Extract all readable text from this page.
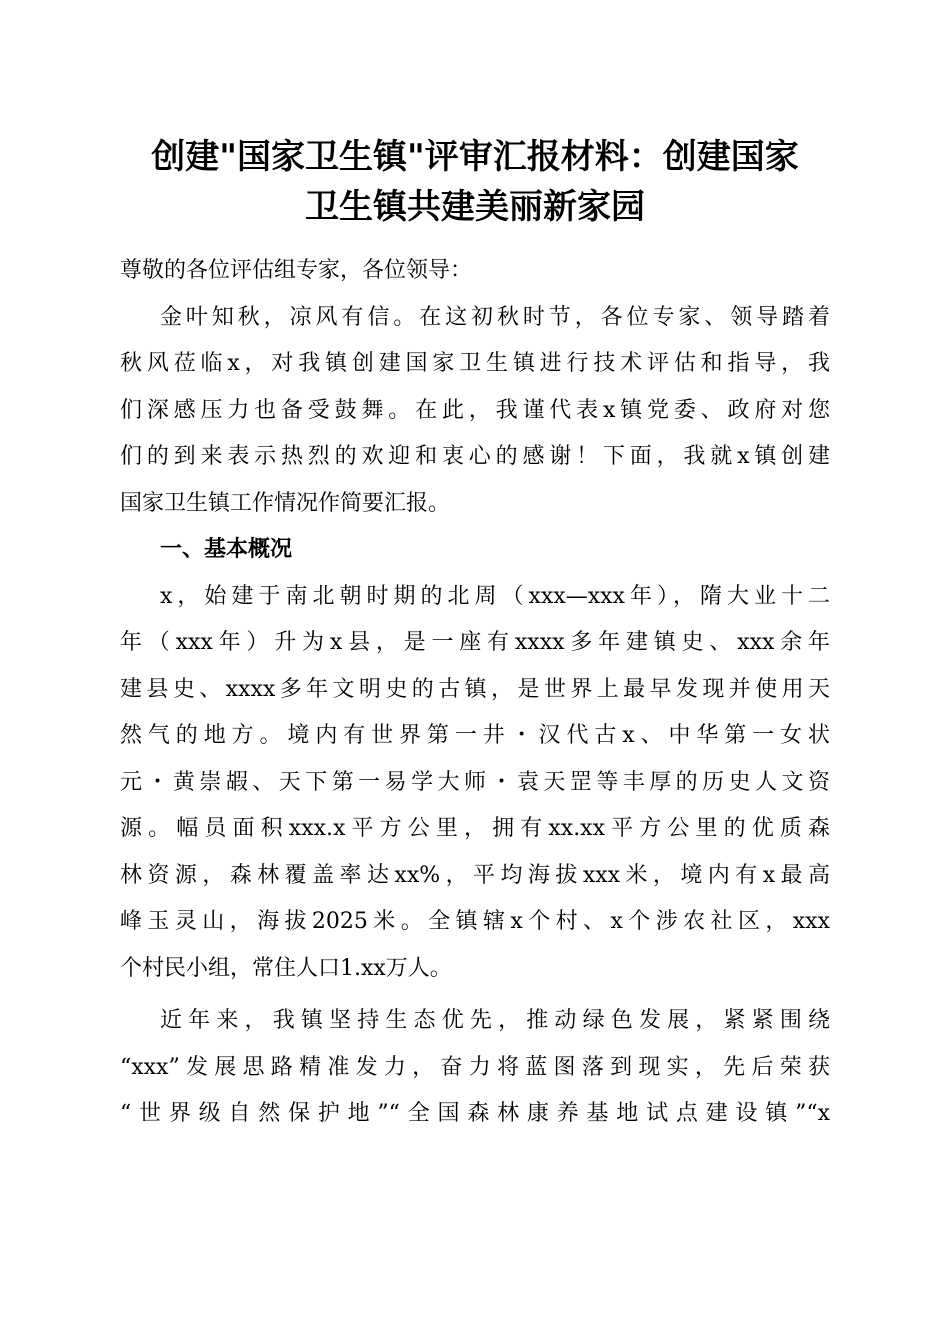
创建"国家卫生镇"评审汇报材料：创建国家
卫生镇共建美丽新家园

尊敬的各位评估组专家，各位领导：

金叶知秋，凉风有信。在这初秋时节，各位专家、领导踏着
秋风莅临x，对我镇创建国家卫生镇进行技术评估和指导，我
们深感压力也备受鼓舞。在此，我谨代表x镇党委、政府对您
们的到来表示热烈的欢迎和衷心的感谢！下面，我就x镇创建
国家卫生镇工作情况作简要汇报。
一、基本概况
x，始建于南北朝时期的北周（xxx—xxx年），隋大业十二
年（xxx年）升为x县，是一座有xxxx多年建镇史、xxx余年
建县史、xxxx多年文明史的古镇，是世界上最早发现并使用天
然气的地方。境内有世界第一井・汉代古x、中华第一女状
元・黄崇嘏、天下第一易学大师・袁天罡等丰厚的历史人文资
源。幅员面积xxx.x平方公里，拥有xx.xx平方公里的优质森
林资源，森林覆盖率达xx%，平均海拔xxx米，境内有x最高
峰玉灵山，海拔2025米。全镇辖x个村、x个涉农社区，xxx
个村民小组，常住人口1.xx万人。
近年来，我镇坚持生态优先，推动绿色发展，紧紧围绕
“xxx”发展思路精准发力，奋力将蓝图落到现实，先后荣获
“世界级自然保护地”“全国森林康养基地试点建设镇”“x
